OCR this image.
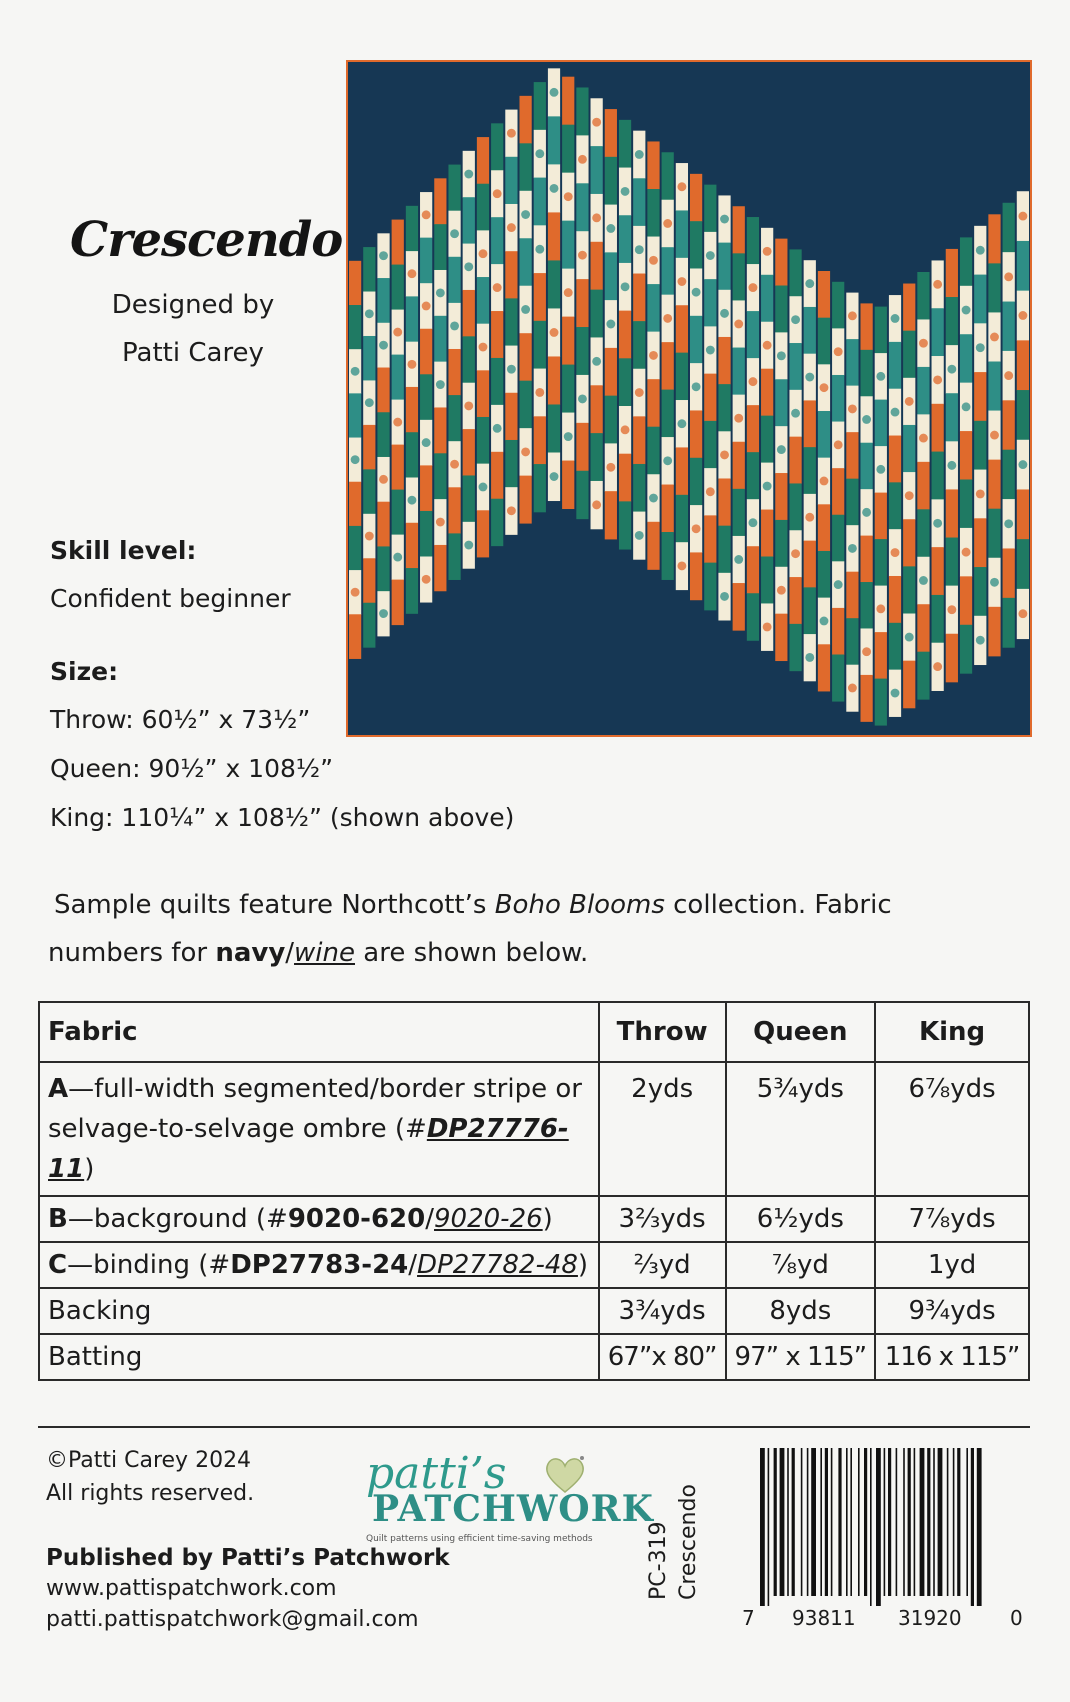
Crescendo
Designed by
Patti Carey
Skill level:
Confident beginner
Size:
Throw: 60½” x 73½”
Queen: 90½” x 108½”
King: 110¼” x 108½” (shown above)
Sample quilts feature Northcott’s Boho Blooms collection. Fabric
numbers for navy/wine are shown below.
Fabric	Throw	Queen	King
A—full-width segmented/border stripe or
selvage-to-selvage ombre (#DP27776-11)	2yds	5¾yds	6⅞yds
B—background (#9020-620/9020-26)	3⅔yds	6½yds	7⅞yds
C—binding (#DP27783-24/DP27782-48)	⅔yd	⅞yd	1yd
Backing	3¾yds	8yds	9¾yds
Batting	67”x 80”	97” x 115”	116 x 115”
©Patti Carey 2024
All rights reserved.
Published by Patti’s Patchwork
www.pattispatchwork.com
patti.pattispatchwork@gmail.com
patti’s
PATCHWORK
Quilt patterns using efficient time-saving methods PC-319 Crescendo
7 93811 31920 0
